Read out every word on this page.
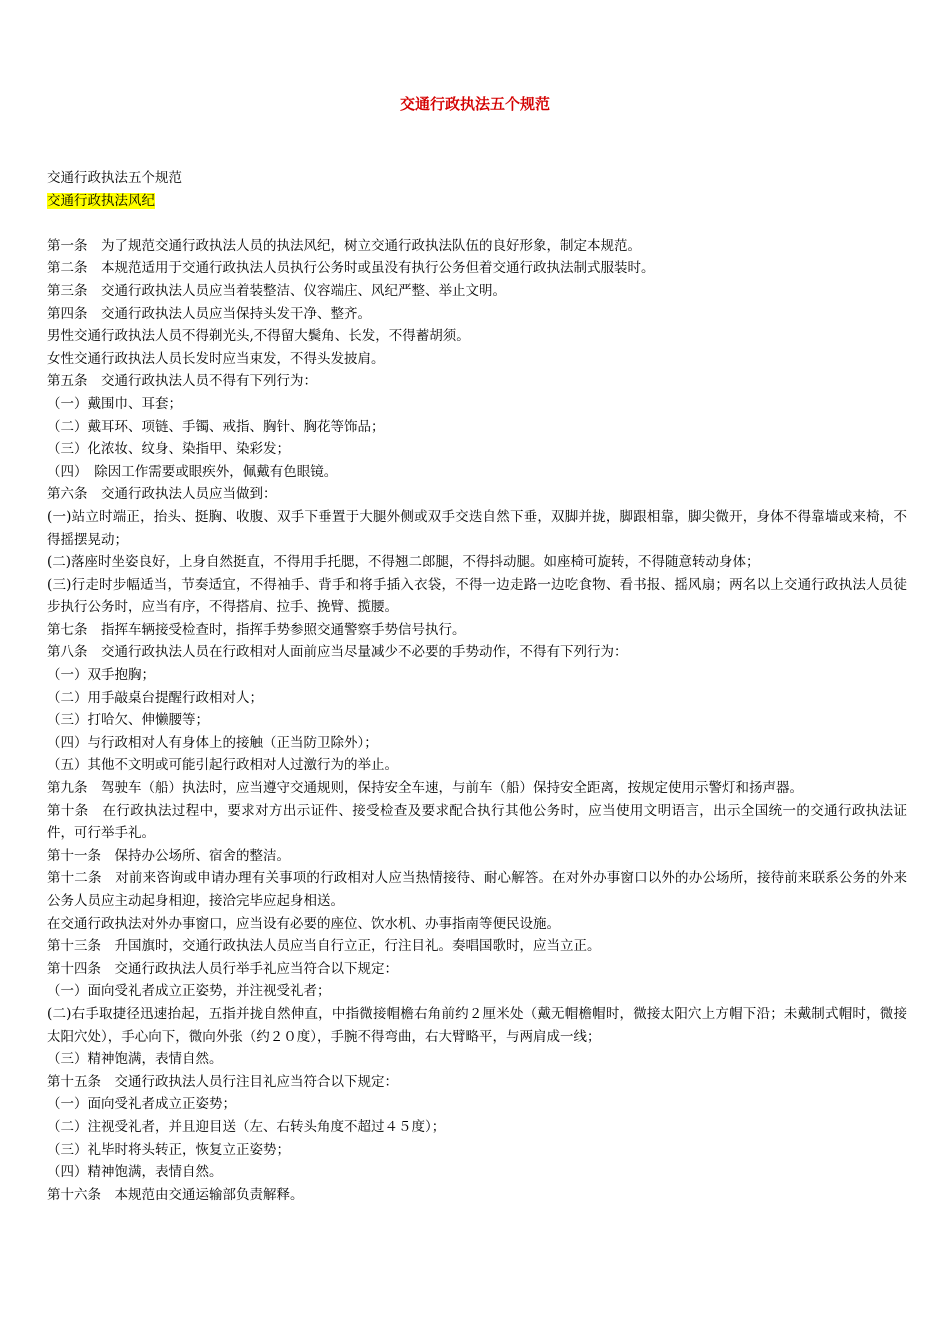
交通行政执法五个规范
交通行政执法五个规范
交通行政执法风纪
第一条　为了规范交通行政执法人员的执法风纪，树立交通行政执法队伍的良好形象，制定本规范。
第二条　本规范适用于交通行政执法人员执行公务时或虽没有执行公务但着交通行政执法制式服装时。
第三条　交通行政执法人员应当着装整洁、仪容端庄、风纪严整、举止文明。
第四条　交通行政执法人员应当保持头发干净、整齐。
男性交通行政执法人员不得剃光头,不得留大鬓角、长发，不得蓄胡须。
女性交通行政执法人员长发时应当束发，不得头发披肩。
第五条　交通行政执法人员不得有下列行为：
（一）戴围巾、耳套；
（二）戴耳环、项链、手镯、戒指、胸针、胸花等饰品；
（三）化浓妆、纹身、染指甲、染彩发；
（四）　除因工作需要或眼疾外，佩戴有色眼镜。
第六条　交通行政执法人员应当做到：
(一)站立时端正，抬头、挺胸、收腹、双手下垂置于大腿外侧或双手交迭自然下垂，双脚并拢，脚跟相靠，脚尖微开，身体不得靠墙或来椅，不得摇摆晃动；
(二)落座时坐姿良好，上身自然挺直，不得用手托腮，不得翘二郎腿，不得抖动腿。如座椅可旋转，不得随意转动身体；
(三)行走时步幅适当，节奏适宜，不得袖手、背手和将手插入衣袋，不得一边走路一边吃食物、看书报、摇风扇；两名以上交通行政执法人员徒步执行公务时，应当有序，不得搭肩、拉手、挽臂、揽腰。
第七条　指挥车辆接受检查时，指挥手势参照交通警察手势信号执行。
第八条　交通行政执法人员在行政相对人面前应当尽量减少不必要的手势动作，不得有下列行为：
（一）双手抱胸；
（二）用手敲桌台提醒行政相对人；
（三）打哈欠、伸懒腰等；
（四）与行政相对人有身体上的接触（正当防卫除外）；
（五）其他不文明或可能引起行政相对人过激行为的举止。
第九条　驾驶车（船）执法时，应当遵守交通规则，保持安全车速，与前车（船）保持安全距离，按规定使用示警灯和扬声器。
第十条　在行政执法过程中，要求对方出示证件、接受检查及要求配合执行其他公务时，应当使用文明语言，出示全国统一的交通行政执法证件，可行举手礼。
第十一条　保持办公场所、宿舍的整洁。
第十二条　对前来咨询或申请办理有关事项的行政相对人应当热情接待、耐心解答。在对外办事窗口以外的办公场所，接待前来联系公务的外来公务人员应主动起身相迎，接洽完毕应起身相送。
在交通行政执法对外办事窗口，应当设有必要的座位、饮水机、办事指南等便民设施。
第十三条　升国旗时，交通行政执法人员应当自行立正，行注目礼。奏唱国歌时，应当立正。
第十四条　交通行政执法人员行举手礼应当符合以下规定：
（一）面向受礼者成立正姿势，并注视受礼者；
(二)右手取捷径迅速抬起，五指并拢自然伸直，中指微接帽檐右角前约２厘米处（戴无帽檐帽时，微接太阳穴上方帽下沿；未戴制式帽时，微接太阳穴处），手心向下，微向外张（约２０度），手腕不得弯曲，右大臂略平，与两肩成一线；
（三）精神饱满，表情自然。
第十五条　交通行政执法人员行注目礼应当符合以下规定：
（一）面向受礼者成立正姿势；
（二）注视受礼者，并且迎目送（左、右转头角度不超过４５度）；
（三）礼毕时将头转正，恢复立正姿势；
（四）精神饱满，表情自然。
第十六条　本规范由交通运输部负责解释。
